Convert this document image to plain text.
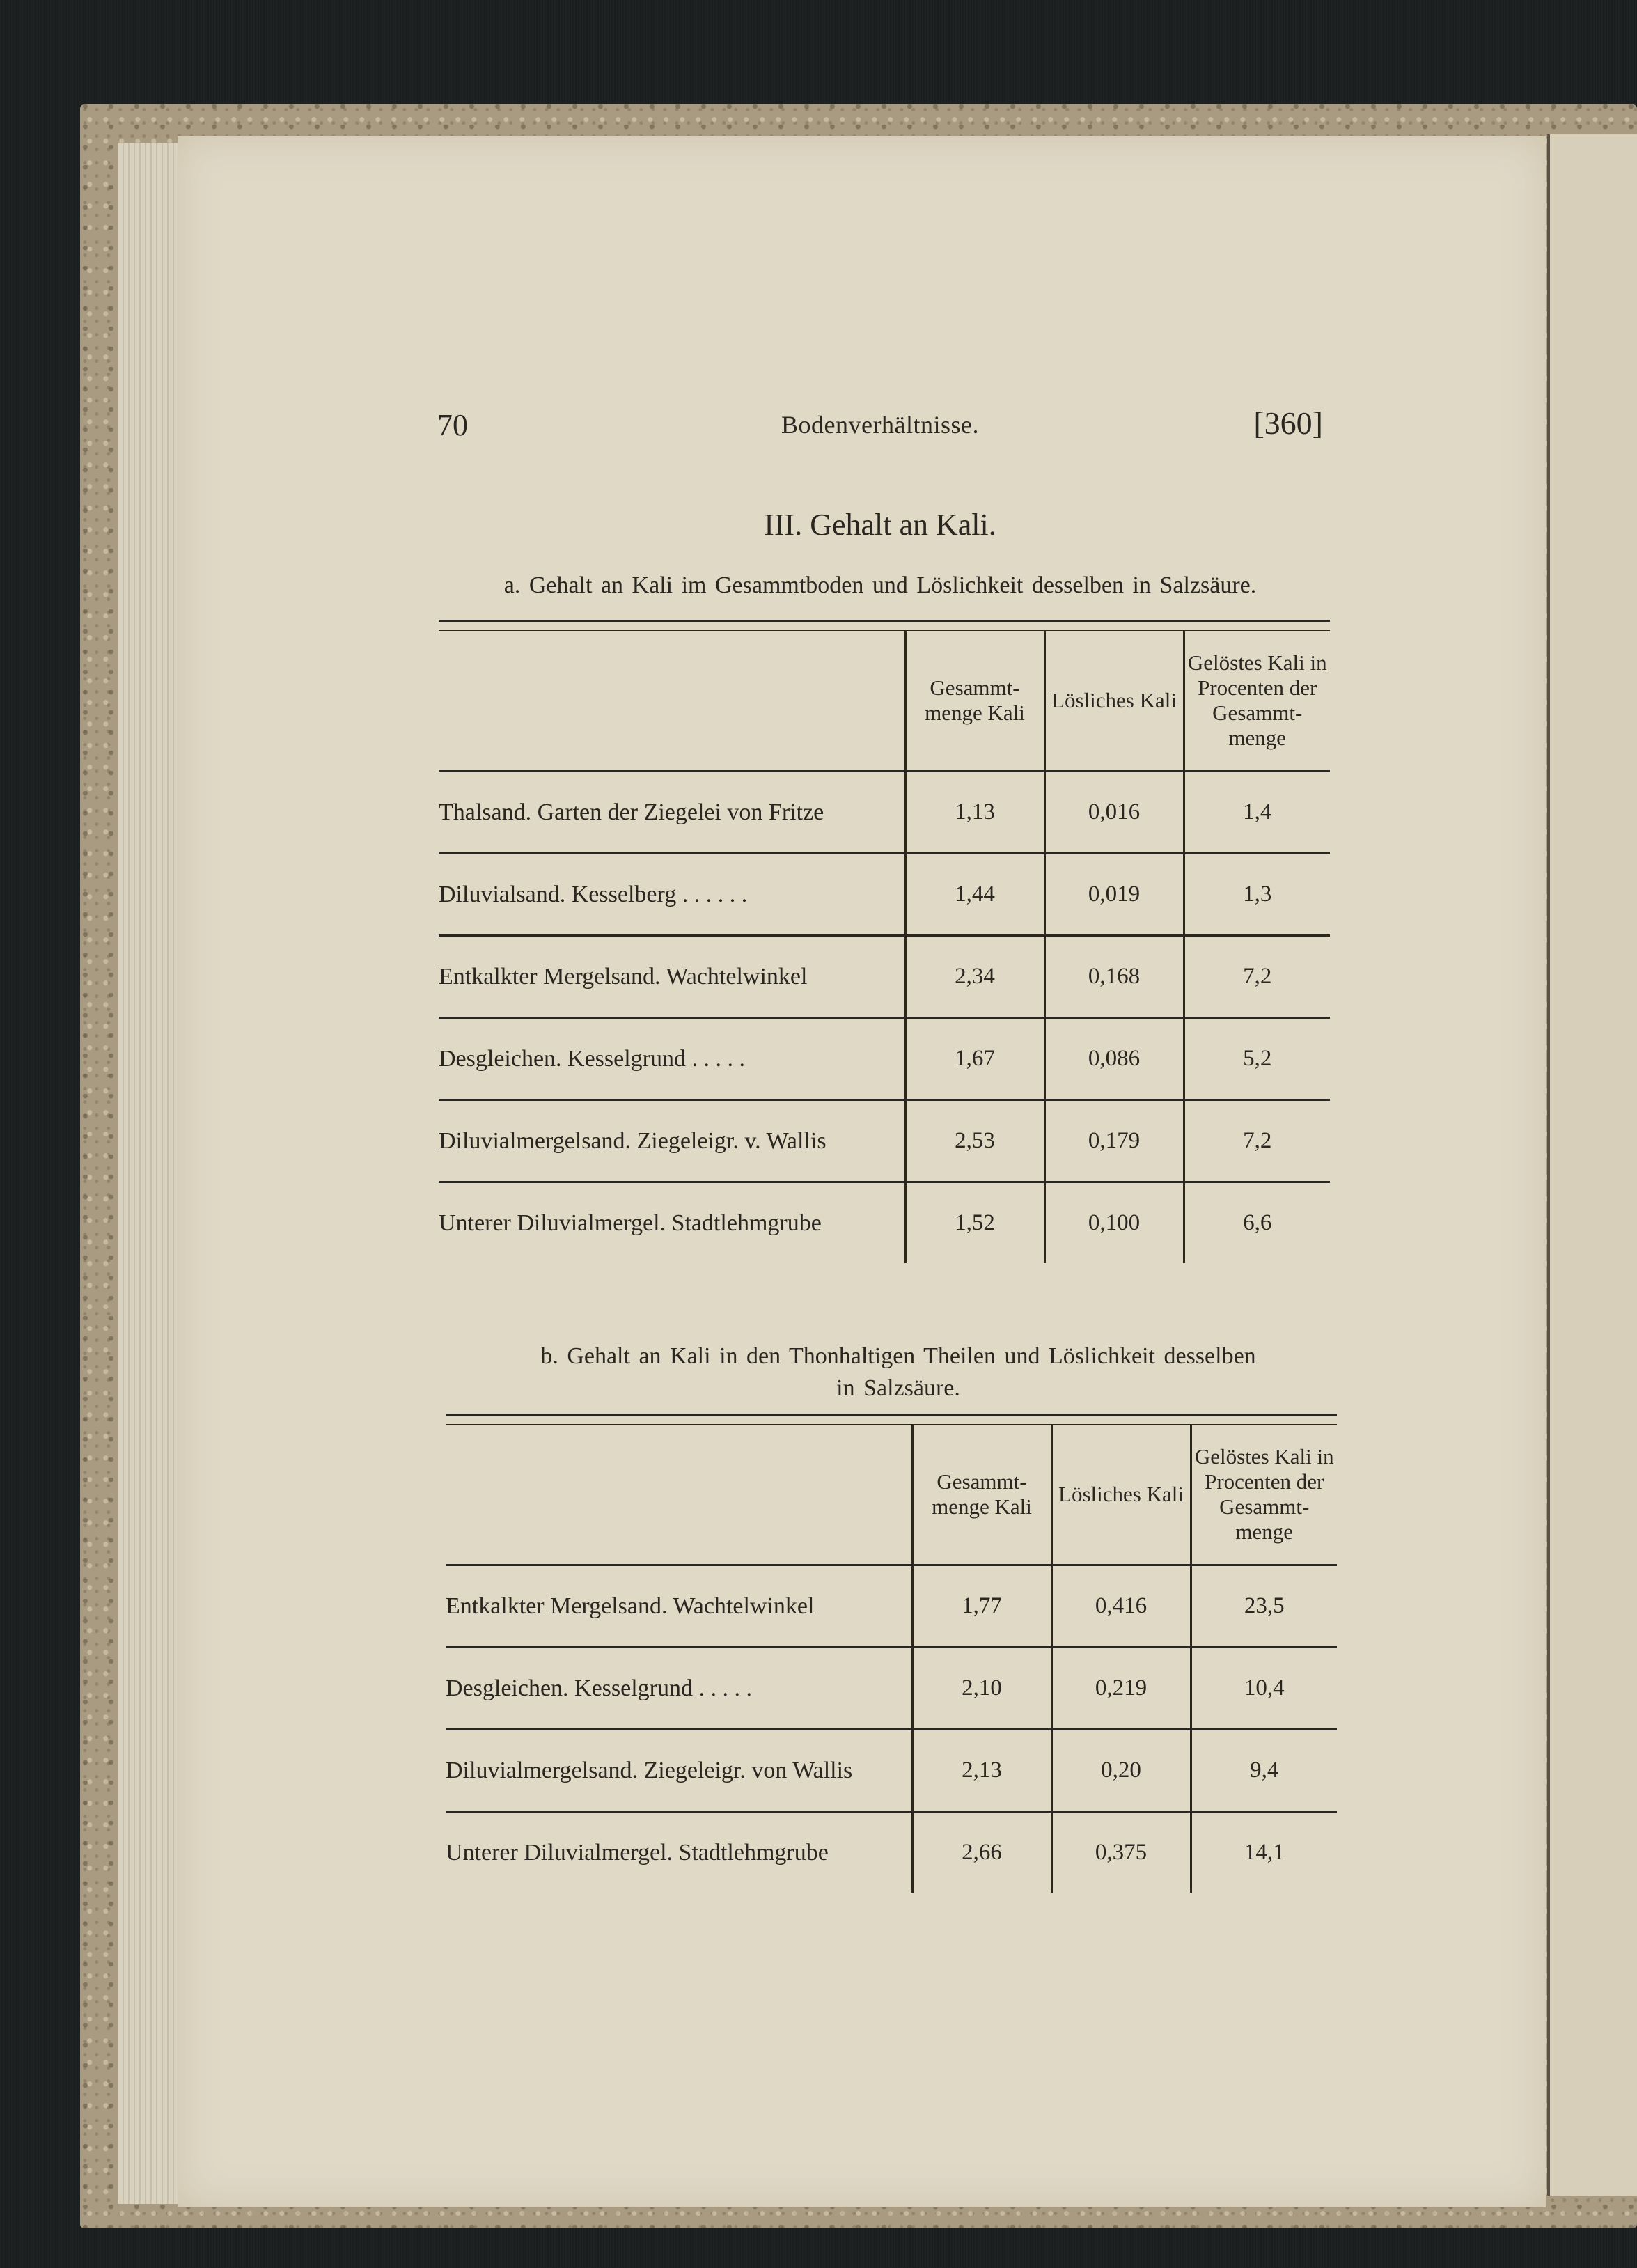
70	Bodenverhältnisse.	[360]
III. Gehalt an Kali.
a. Gehalt an Kali im Gesammtboden und Löslichkeit desselben in Salzsäure.

	Gesammt- menge Kali	Lösliches Kali	Gelöstes Kali in Procenten der Gesammt- menge
Thalsand. Garten der Ziegelei von Fritze	1,13	0,016	1,4
Diluvialsand. Kesselberg . . . . . .	1,44	0,019	1,3
Entkalkter Mergelsand. Wachtelwinkel	2,34	0,168	7,2
Desgleichen. Kesselgrund . . . . .	1,67	0,086	5,2
Diluvialmergelsand. Ziegeleigr. v. Wallis	2,53	0,179	7,2
Unterer Diluvialmergel. Stadtlehmgrube	1,52	0,100	6,6
b. Gehalt an Kali in den Thonhaltigen Theilen und Löslichkeit desselben
in Salzsäure.

	Gesammt- menge Kali	Lösliches Kali	Gelöstes Kali in Procenten der Gesammt- menge
Entkalkter Mergelsand. Wachtelwinkel	1,77	0,416	23,5
Desgleichen. Kesselgrund . . . . .	2,10	0,219	10,4
Diluvialmergelsand. Ziegeleigr. von Wallis	2,13	0,20	9,4
Unterer Diluvialmergel. Stadtlehmgrube	2,66	0,375	14,1
